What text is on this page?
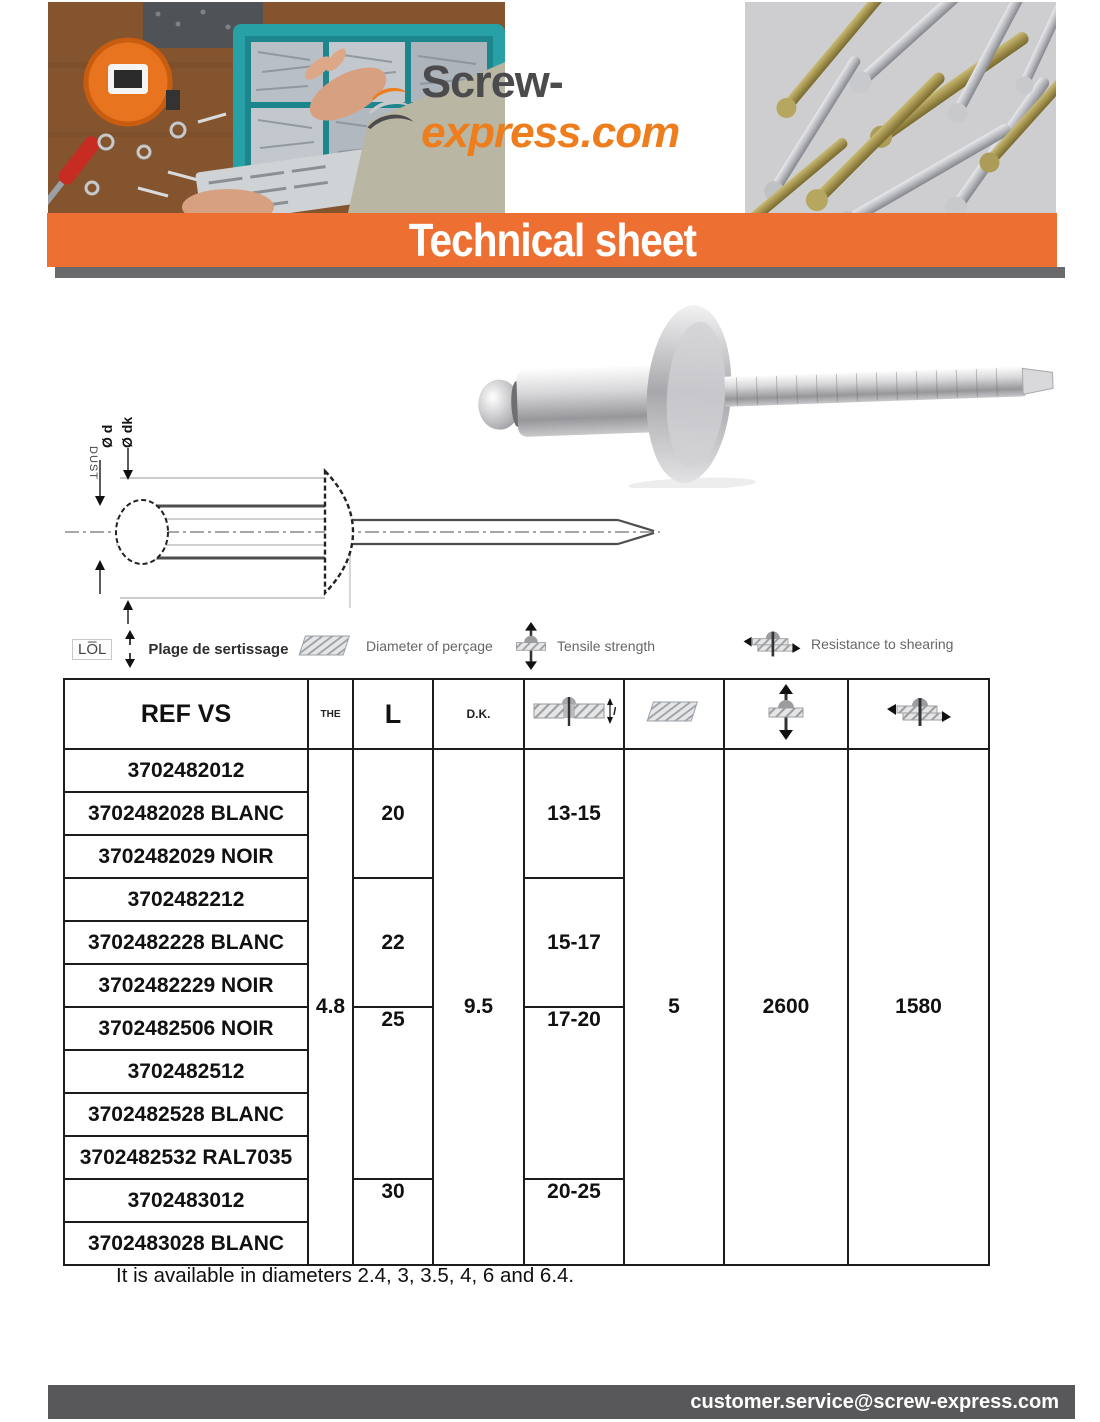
Screw-express.com
Technical sheet
Ø d Ø dk
DUST
LO̅L	Plage de sertissage	Diameter of perçage	Tensile strength	Resistance to shearing
REF VS	THE	L	D.K.	l

3702482012	4.8	20	9.5	13-15	5	2600	1580
3702482028 BLANC							
3702482029 NOIR							
3702482212		22		15-17			
3702482228 BLANC							
3702482229 NOIR							
3702482506 NOIR		25		17-20			
3702482512							
3702482528 BLANC							
3702482532 RAL7035							
3702483012		30		20-25			
3702483028 BLANC							
It is available in diameters 2.4, 3, 3.5, 4, 6 and 6.4.
customer.service@screw-express.com
